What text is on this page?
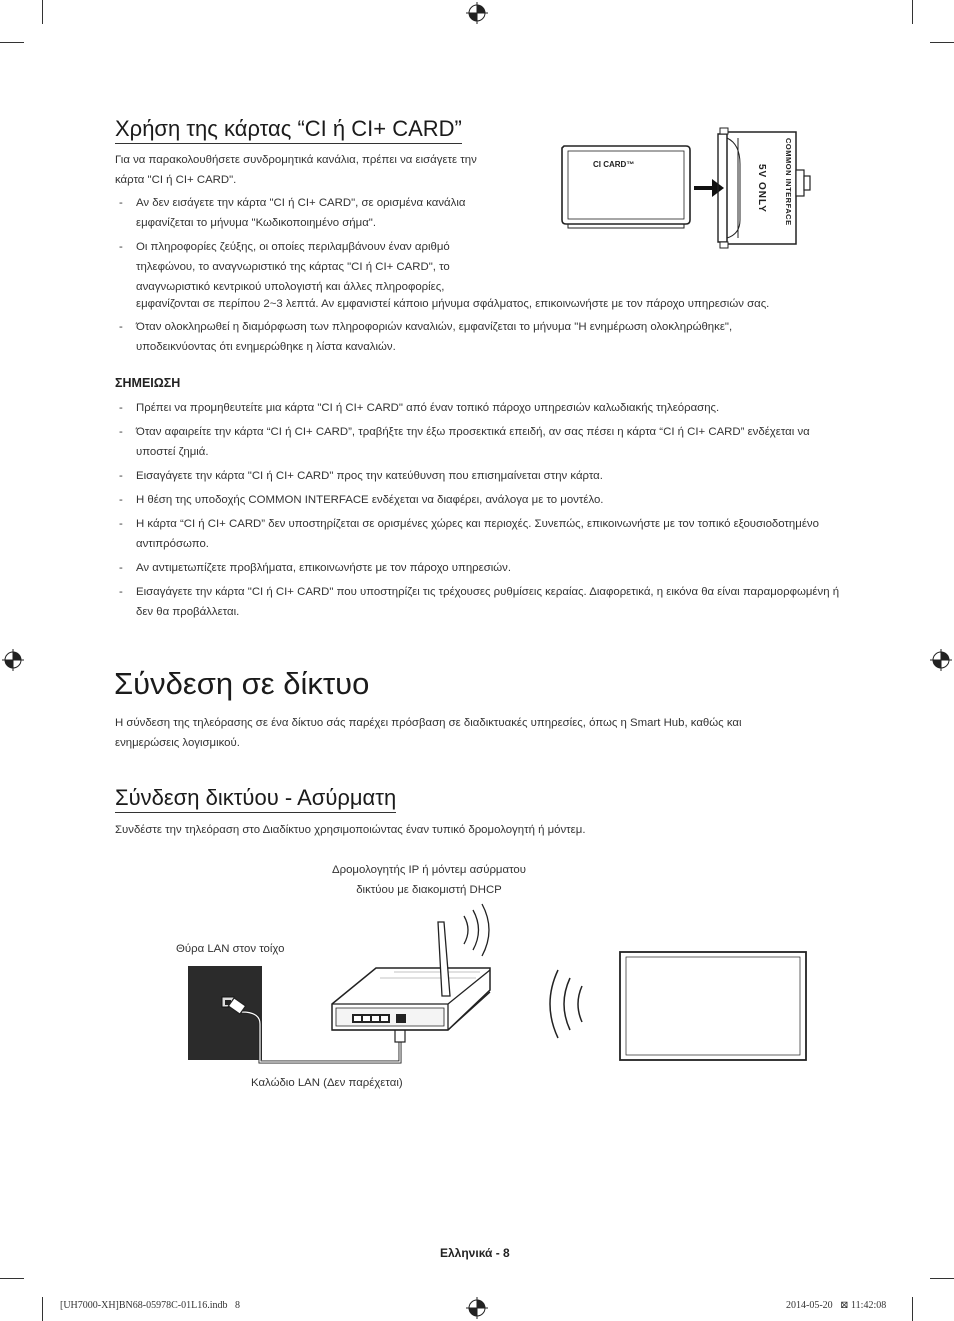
Χρήση της κάρτας “CI ή CI+ CARD”
Για να παρακολουθήσετε συνδρομητικά κανάλια, πρέπει να εισάγετε την κάρτα "CI ή CI+ CARD".
- Αν δεν εισάγετε την κάρτα "CI ή CI+ CARD", σε ορισμένα κανάλια εμφανίζεται το μήνυμα "Κωδικοποιημένο σήμα".
- Οι πληροφορίες ζεύξης, οι οποίες περιλαμβάνουν έναν αριθμό τηλεφώνου, το αναγνωριστικό της κάρτας "CI ή CI+ CARD", το αναγνωριστικό κεντρικού υπολογιστή και άλλες πληροφορίες,
εμφανίζονται σε περίπου 2~3 λεπτά. Αν εμφανιστεί κάποιο μήνυμα σφάλματος, επικοινωνήστε με τον πάροχο υπηρεσιών σας.
- Όταν ολοκληρωθεί η διαμόρφωση των πληροφοριών καναλιών, εμφανίζεται το μήνυμα "Η ενημέρωση ολοκληρώθηκε", υποδεικνύοντας ότι ενημερώθηκε η λίστα καναλιών.
CI CARD™	COMMON INTERFACE
5V ONLY
ΣΗΜΕΙΩΣΗ
- Πρέπει να προμηθευτείτε μια κάρτα "CI ή CI+ CARD" από έναν τοπικό πάροχο υπηρεσιών καλωδιακής τηλεόρασης.
- Όταν αφαιρείτε την κάρτα “CI ή CI+ CARD”, τραβήξτε την έξω προσεκτικά επειδή, αν σας πέσει η κάρτα “CI ή CI+ CARD” ενδέχεται να υποστεί ζημιά.
- Εισαγάγετε την κάρτα "CI ή CI+ CARD" προς την κατεύθυνση που επισημαίνεται στην κάρτα.
- Η θέση της υποδοχής COMMON INTERFACE ενδέχεται να διαφέρει, ανάλογα με το μοντέλο.
- Η κάρτα “CI ή CI+ CARD” δεν υποστηρίζεται σε ορισμένες χώρες και περιοχές. Συνεπώς, επικοινωνήστε με τον τοπικό εξουσιοδοτημένο αντιπρόσωπο.
- Αν αντιμετωπίζετε προβλήματα, επικοινωνήστε με τον πάροχο υπηρεσιών.
- Εισαγάγετε την κάρτα "CI ή CI+ CARD" που υποστηρίζει τις τρέχουσες ρυθμίσεις κεραίας. Διαφορετικά, η εικόνα θα είναι παραμορφωμένη ή δεν θα προβάλλεται.
Σύνδεση σε δίκτυο
Η σύνδεση της τηλεόρασης σε ένα δίκτυο σάς παρέχει πρόσβαση σε διαδικτυακές υπηρεσίες, όπως η Smart Hub, καθώς και ενημερώσεις λογισμικού.
Σύνδεση δικτύου - Ασύρματη
Συνδέστε την τηλεόραση στο Διαδίκτυο χρησιμοποιώντας έναν τυπικό δρομολογητή ή μόντεμ.
Δρομολογητής IP ή μόντεμ ασύρματου δικτύου με διακομιστή DHCP
Θύρα LAN στον τοίχο
Καλώδιο LAN (Δεν παρέχεται)
Ελληνικά - 8
[UH7000-XH]BN68-05978C-01L16.indb   8	2014-05-20   ⊠ 11:42:08
